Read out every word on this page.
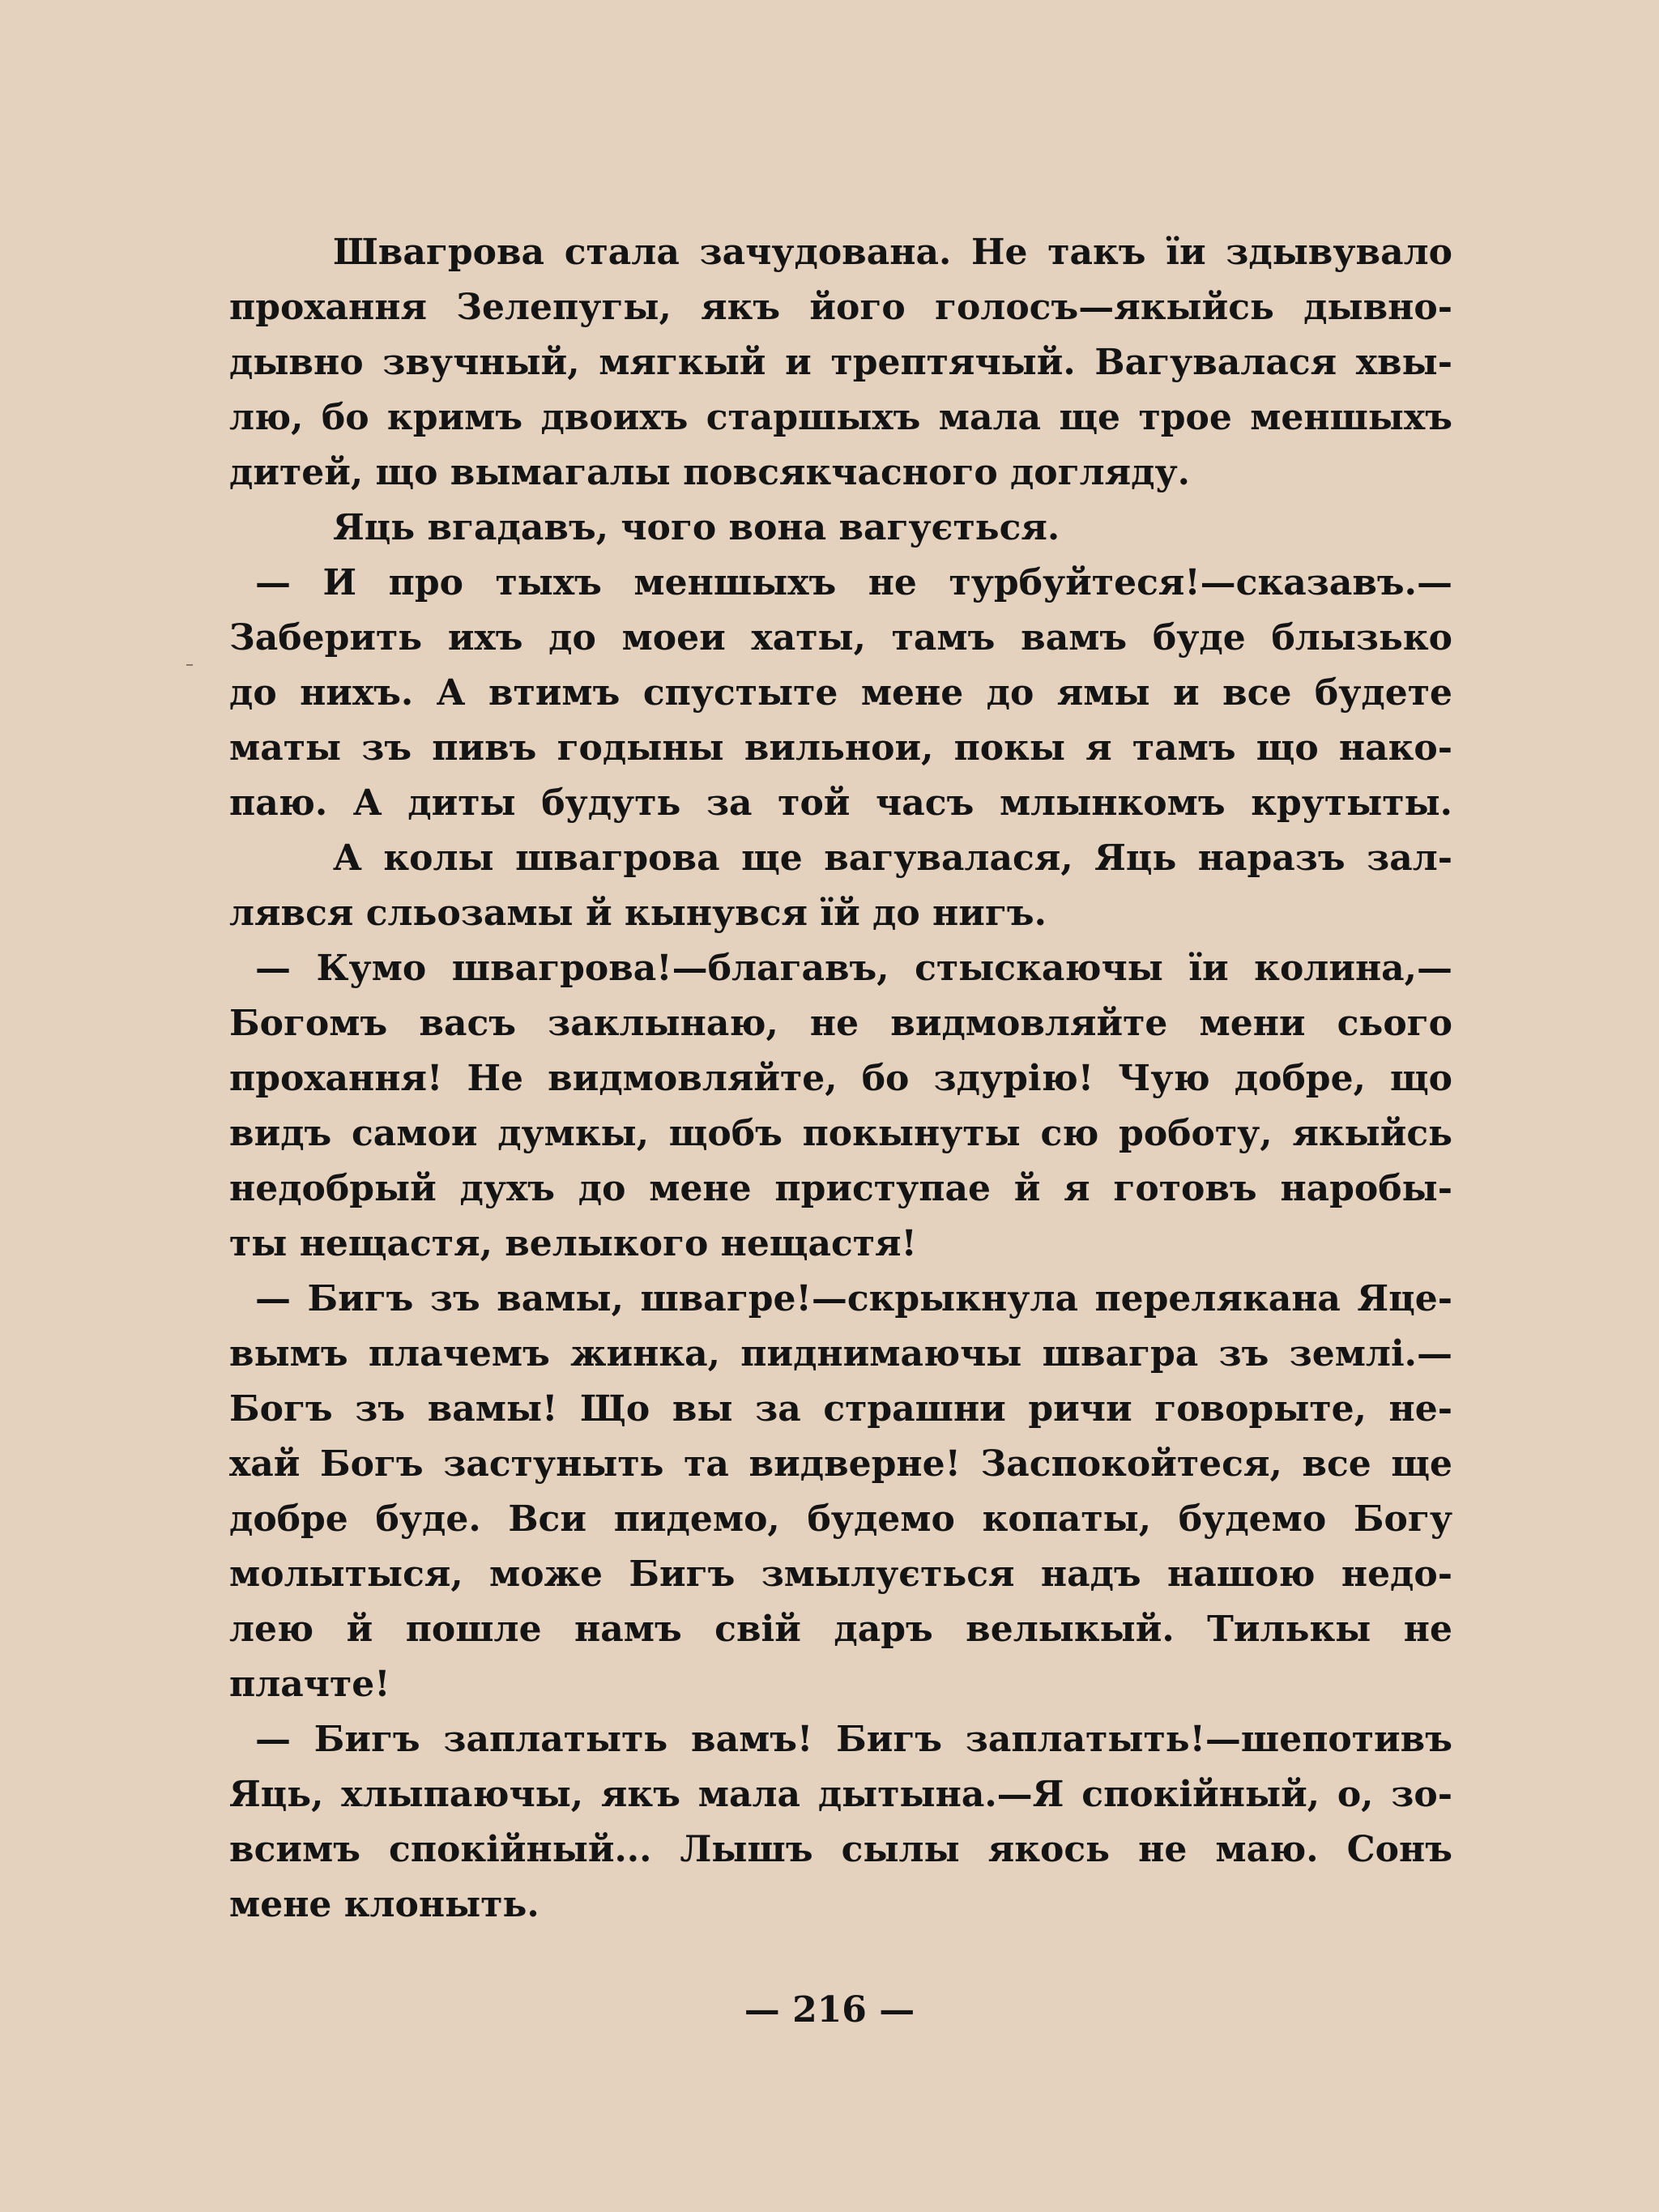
Швагрова стала зачудована. Не такъ ïи здывувало
прохання Зелепугы, якъ його голосъ—якыйсь дывно-
дывно звучный, мягкый и трептячый. Вагувалася хвы-
лю, бо кримъ двоихъ старшыхъ мала ще трое меншыхъ
дитей, що вымагалы повсякчасного догляду.
Яць вгадавъ, чого вона вагується.
— И про тыхъ меншыхъ не турбуйтеся!—сказавъ.—
Заберить ихъ до моеи хаты, тамъ вамъ буде блызько
до нихъ. А втимъ спустыте мене до ямы и все будете
маты зъ пивъ годыны вильнои, покы я тамъ що нако-
паю. А диты будуть за той часъ млынкомъ крутыты.
А колы швагрова ще вагувалася, Яць наразъ зал-
лявся сльозамы й кынувся ïй до нигъ.
— Кумо швагрова!—благавъ, стыскаючы ïи колина,—
Богомъ васъ заклынаю, не видмовляйте мени сього
прохання! Не видмовляйте, бо здурію! Чую добре, що
видъ самои думкы, щобъ покынуты сю роботу, якыйсь
недобрый духъ до мене приступае й я готовъ наробы-
ты нещастя, велыкого нещастя!
— Бигъ зъ вамы, швагре!—скрыкнула переляканa Яце-
вымъ плачемъ жинка, пиднимаючы швагра зъ землi.—
Богъ зъ вамы! Що вы за страшни ричи говорыте, не-
хай Богъ застуныть та видверне! Заспокойтеся, все ще
добре буде. Вси пидемо, будемо копаты, будемо Богу
молытыся, може Бигъ змылується надъ нашою недо-
лею й пошле намъ свiй даръ велыкый. Тилькы не
плачте!
— Бигъ заплатыть вамъ! Бигъ заплатыть!—шепотивъ
Яць, хлыпаючы, якъ мала дытына.—Я спокiйный, о, зо-
всимъ спокiйный... Лышъ сылы якось не маю. Сонъ
мене клоныть.
— 216 —
